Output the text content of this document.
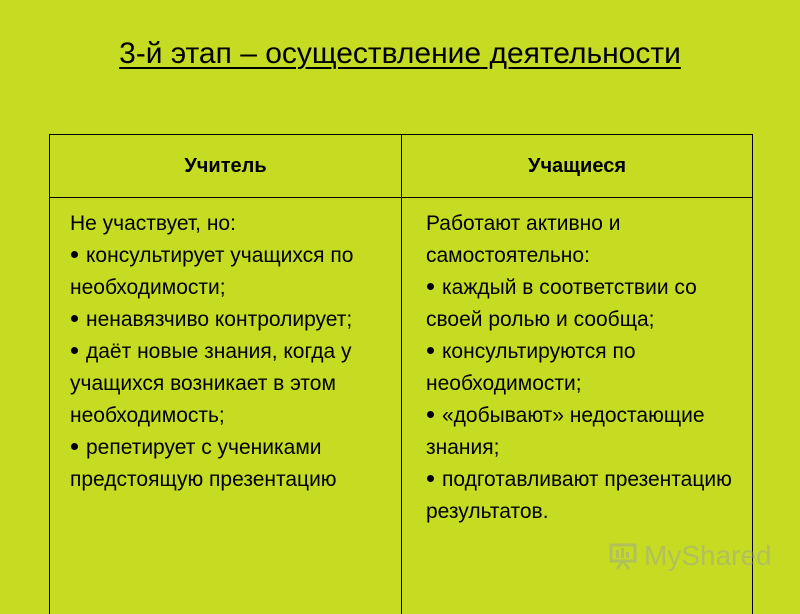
3-й этап – осуществление деятельности
Учитель	Учащиеся
Не участвует, но:
консультирует учащихся по необходимости;
ненавязчиво контролирует;
даёт новые знания, когда у учащихся возникает в этом необходимость;
репетирует с учениками предстоящую презентацию
Работают активно и самостоятельно:
каждый в соответствии со своей ролью и сообща;
консультируются по необходимости;
«добывают» недостающие знания;
подготавливают презентацию результатов.
MyShared
